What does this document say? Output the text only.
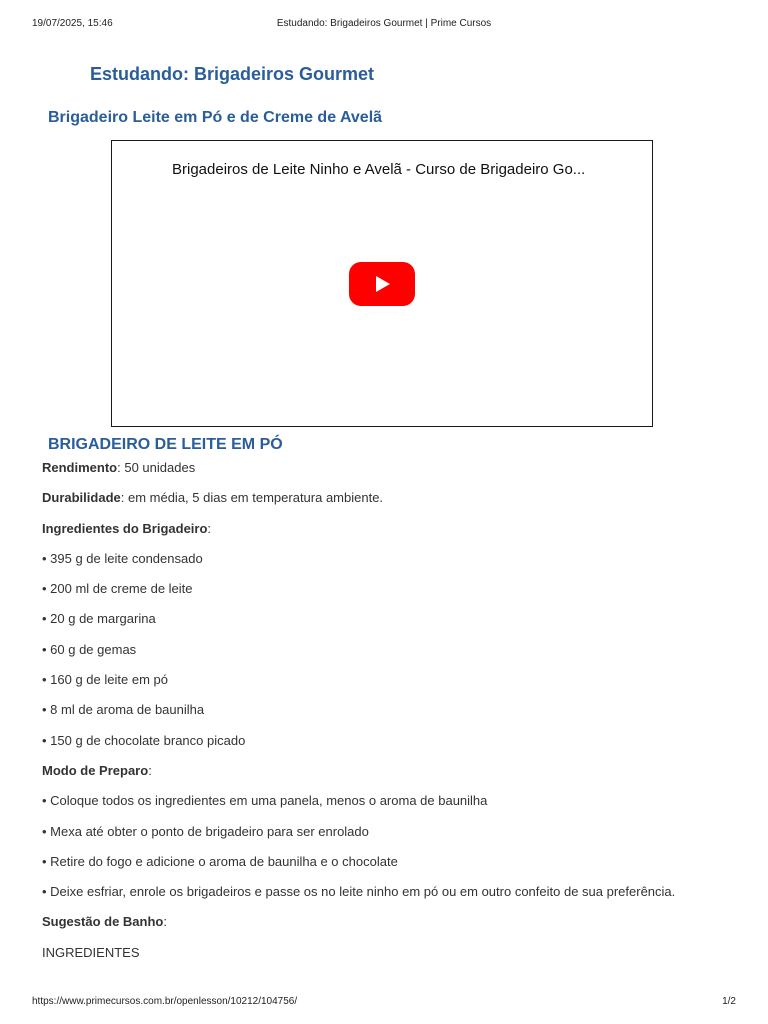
19/07/2025, 15:46	Estudando: Brigadeiros Gourmet | Prime Cursos
Estudando: Brigadeiros Gourmet
Brigadeiro Leite em Pó e de Creme de Avelã
Brigadeiros de Leite Ninho e Avelã - Curso de Brigadeiro Go...
BRIGADEIRO DE LEITE EM PÓ
Rendimento: 50 unidades
Durabilidade: em média, 5 dias em temperatura ambiente.
Ingredientes do Brigadeiro:
• 395 g de leite condensado
• 200 ml de creme de leite
• 20 g de margarina
• 60 g de gemas
• 160 g de leite em pó
• 8 ml de aroma de baunilha
• 150 g de chocolate branco picado
Modo de Preparo:
• Coloque todos os ingredientes em uma panela, menos o aroma de baunilha
• Mexa até obter o ponto de brigadeiro para ser enrolado
• Retire do fogo e adicione o aroma de baunilha e o chocolate
• Deixe esfriar, enrole os brigadeiros e passe os no leite ninho em pó ou em outro confeito de sua preferência.
Sugestão de Banho:
INGREDIENTES
https://www.primecursos.com.br/openlesson/10212/104756/	1/2
